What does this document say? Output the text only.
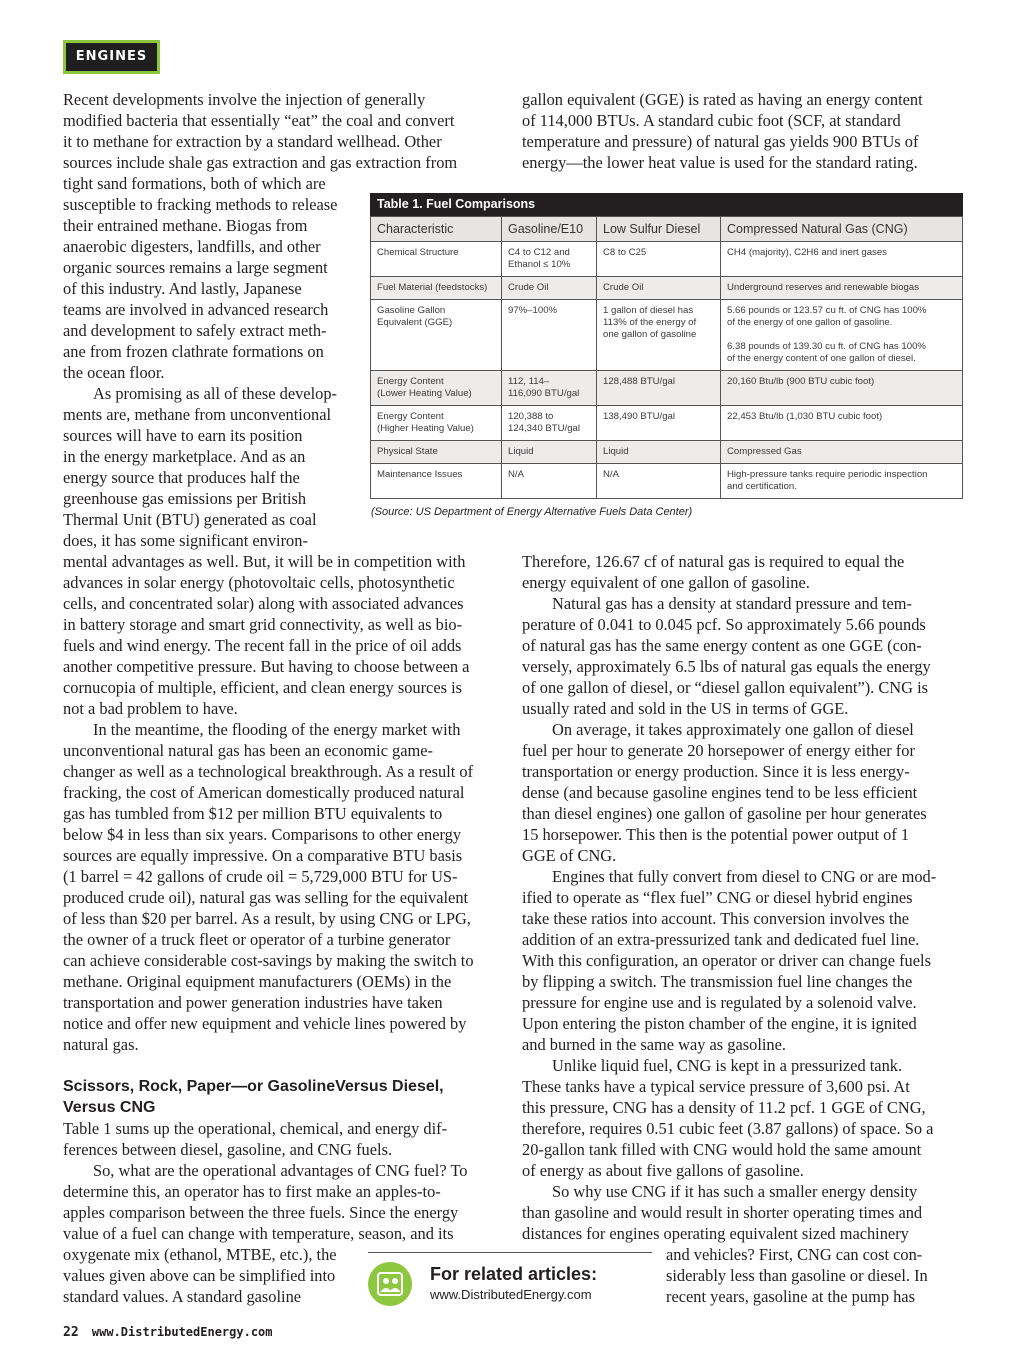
ENGINES

Recent developments involve the injection of generally
modified bacteria that essentially “eat” the coal and convert
it to methane for extraction by a standard wellhead. Other
sources include shale gas extraction and gas extraction from

tight sand formations, both of which are
susceptible to fracking methods to release
their entrained methane. Biogas from
anaerobic digesters, landfills, and other
organic sources remains a large segment
of this industry. And lastly, Japanese
teams are involved in advanced research
and development to safely extract meth-
ane from frozen clathrate formations on
the ocean floor.

As promising as all of these develop-
ments are, methane from unconventional
sources will have to earn its position
in the energy marketplace. And as an
energy source that produces half the
greenhouse gas emissions per British
Thermal Unit (BTU) generated as coal
does, it has some significant environ-

mental advantages as well. But, it will be in competition with
advances in solar energy (photovoltaic cells, photosynthetic
cells, and concentrated solar) along with associated advances
in battery storage and smart grid connectivity, as well as bio-
fuels and wind energy. The recent fall in the price of oil adds
another competitive pressure. But having to choose between a
cornucopia of multiple, efficient, and clean energy sources is
not a bad problem to have.

In the meantime, the flooding of the energy market with
unconventional natural gas has been an economic game-
changer as well as a technological breakthrough. As a result of
fracking, the cost of American domestically produced natural
gas has tumbled from $12 per million BTU equivalents to
below $4 in less than six years. Comparisons to other energy
sources are equally impressive. On a comparative BTU basis
(1 barrel = 42 gallons of crude oil = 5,729,000 BTU for US-
produced crude oil), natural gas was selling for the equivalent
of less than $20 per barrel. As a result, by using CNG or LPG,
the owner of a truck fleet or operator of a turbine generator
can achieve considerable cost-savings by making the switch to
methane. Original equipment manufacturers (OEMs) in the
transportation and power generation industries have taken
notice and offer new equipment and vehicle lines powered by
natural gas.

Scissors, Rock, Paper—or GasolineVersus Diesel, Versus CNG

Table 1 sums up the operational, chemical, and energy dif-
ferences between diesel, gasoline, and CNG fuels.

So, what are the operational advantages of CNG fuel? To
determine this, an operator has to first make an apples-to-
apples comparison between the three fuels. Since the energy
value of a fuel can change with temperature, season, and its

oxygenate mix (ethanol, MTBE, etc.), the
values given above can be simplified into
standard values. A standard gasoline

gallon equivalent (GGE) is rated as having an energy content
of 114,000 BTUs. A standard cubic foot (SCF, at standard
temperature and pressure) of natural gas yields 900 BTUs of
energy—the lower heat value is used for the standard rating.

Therefore, 126.67 cf of natural gas is required to equal the
energy equivalent of one gallon of gasoline.

Natural gas has a density at standard pressure and tem-
perature of 0.041 to 0.045 pcf. So approximately 5.66 pounds
of natural gas has the same energy content as one GGE (con-
versely, approximately 6.5 lbs of natural gas equals the energy
of one gallon of diesel, or “diesel gallon equivalent”). CNG is
usually rated and sold in the US in terms of GGE.

On average, it takes approximately one gallon of diesel
fuel per hour to generate 20 horsepower of energy either for
transportation or energy production. Since it is less energy-
dense (and because gasoline engines tend to be less efficient
than diesel engines) one gallon of gasoline per hour generates
15 horsepower. This then is the potential power output of 1
GGE of CNG.

Engines that fully convert from diesel to CNG or are mod-
ified to operate as “flex fuel” CNG or diesel hybrid engines
take these ratios into account. This conversion involves the
addition of an extra-pressurized tank and dedicated fuel line.
With this configuration, an operator or driver can change fuels
by flipping a switch. The transmission fuel line changes the
pressure for engine use and is regulated by a solenoid valve.
Upon entering the piston chamber of the engine, it is ignited
and burned in the same way as gasoline.

Unlike liquid fuel, CNG is kept in a pressurized tank.
These tanks have a typical service pressure of 3,600 psi. At
this pressure, CNG has a density of 11.2 pcf. 1 GGE of CNG,
therefore, requires 0.51 cubic feet (3.87 gallons) of space. So a
20-gallon tank filled with CNG would hold the same amount
of energy as about five gallons of gasoline.

So why use CNG if it has such a smaller energy density
than gasoline and would result in shorter operating times and
distances for engines operating equivalent sized machinery

and vehicles? First, CNG can cost con-
siderably less than gasoline or diesel. In
recent years, gasoline at the pump has

Table 1. Fuel Comparisons
Characteristic	Gasoline/E10	Low Sulfur Diesel	Compressed Natural Gas (CNG)
Chemical Structure	C4 to C12 and
Ethanol ≤ 10%	C8 to C25	CH4 (majority), C2H6 and inert gases
Fuel Material (feedstocks)	Crude Oil	Crude Oil	Underground reserves and renewable biogas
Gasoline Gallon
Equivalent (GGE)	97%–100%	1 gallon of diesel has
113% of the energy of
one gallon of gasoline	5.66 pounds or 123.57 cu ft. of CNG has 100%
of the energy of one gallon of gasoline.

6.38 pounds of 139.30 cu ft. of CNG has 100%
of the energy content of one gallon of diesel.
Energy Content
(Lower Heating Value)	112, 114–
116,090 BTU/gal	128,488 BTU/gal	20,160 Btu/lb (900 BTU cubic foot)
Energy Content
(Higher Heating Value)	120,388 to
124,340 BTU/gal	138,490 BTU/gal	22,453 Btu/lb (1,030 BTU cubic foot)
Physical State	Liquid	Liquid	Compressed Gas
Maintenance Issues	N/A	N/A	High-pressure tanks require periodic inspection
and certification.
(Source: US Department of Energy Alternative Fuels Data Center)
For related articles:
www.DistributedEnergy.com
22 www.DistributedEnergy.com
